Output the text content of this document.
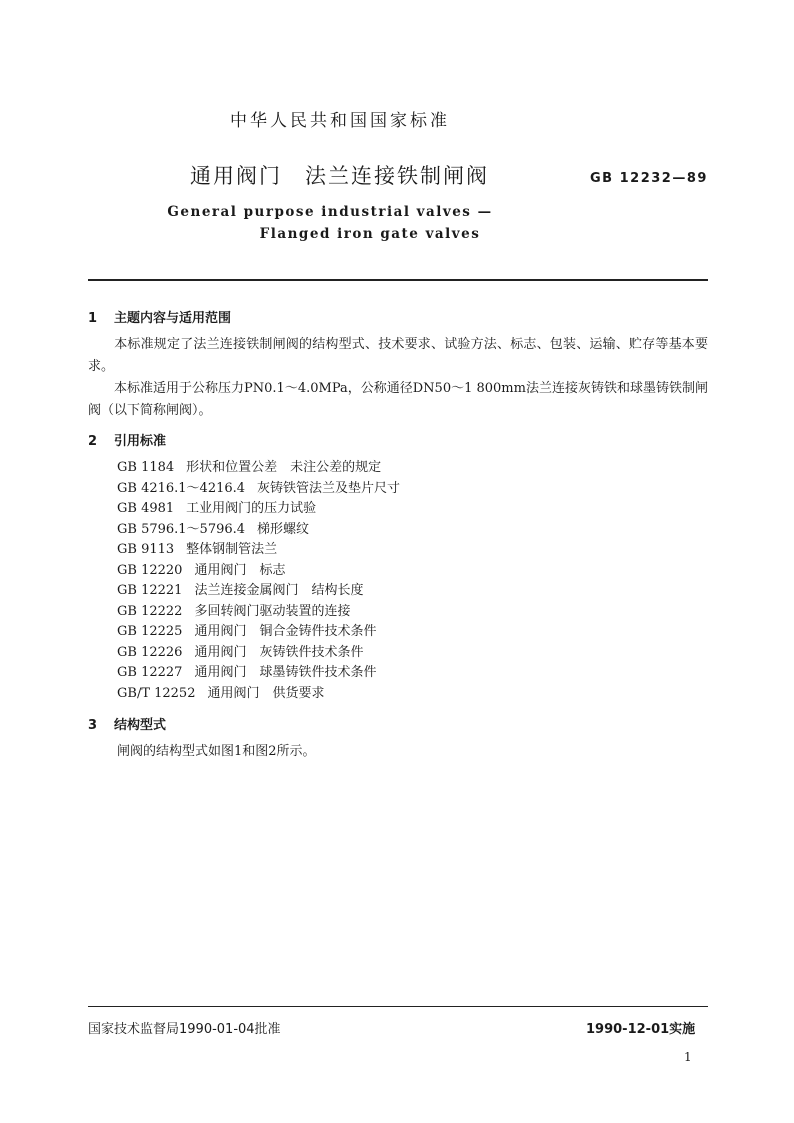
中华人民共和国国家标准
通用阀门　法兰连接铁制闸阀	GB 12232—89
General purpose industrial valves —
Flanged iron gate valves
1 主题内容与适用范围
本标准规定了法兰连接铁制闸阀的结构型式、技术要求、试验方法、标志、包装、运输、贮存等基本要求。
本标准适用于公称压力PN0.1～4.0MPa，公称通径DN50～1 800mm法兰连接灰铸铁和球墨铸铁制闸阀（以下简称闸阀）。
2 引用标准
GB 1184 形状和位置公差　未注公差的规定
GB 4216.1～4216.4 灰铸铁管法兰及垫片尺寸
GB 4981 工业用阀门的压力试验
GB 5796.1～5796.4 梯形螺纹
GB 9113 整体钢制管法兰
GB 12220 通用阀门　标志
GB 12221 法兰连接金属阀门　结构长度
GB 12222 多回转阀门驱动装置的连接
GB 12225 通用阀门　铜合金铸件技术条件
GB 12226 通用阀门　灰铸铁件技术条件
GB 12227 通用阀门　球墨铸铁件技术条件
GB/T 12252 通用阀门　供货要求
3 结构型式
闸阀的结构型式如图1和图2所示。
国家技术监督局1990-01-04批准	1990-12-01实施
1
